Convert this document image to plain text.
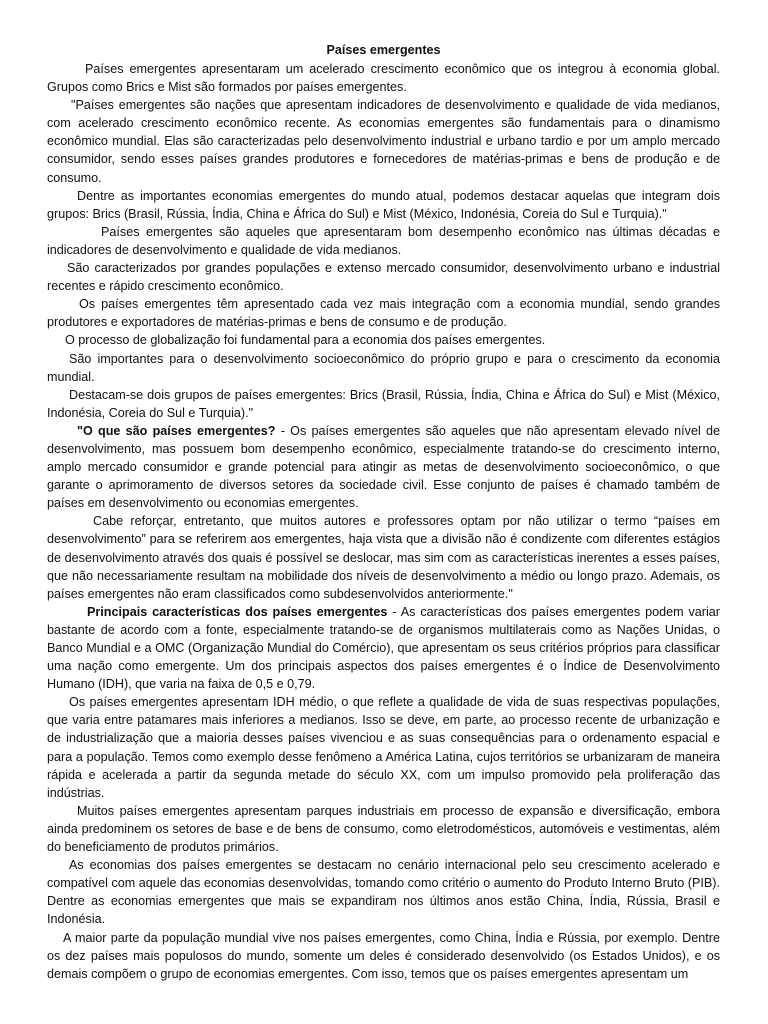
Países emergentes

Países emergentes apresentaram um acelerado crescimento econômico que os integrou à economia global. Grupos como Brics e Mist são formados por países emergentes.

"Países emergentes são nações que apresentam indicadores de desenvolvimento e qualidade de vida medianos, com acelerado crescimento econômico recente. As economias emergentes são fundamentais para o dinamismo econômico mundial. Elas são caracterizadas pelo desenvolvimento industrial e urbano tardio e por um amplo mercado consumidor, sendo esses países grandes produtores e fornecedores de matérias-primas e bens de produção e de consumo.

Dentre as importantes economias emergentes do mundo atual, podemos destacar aquelas que integram dois grupos: Brics (Brasil, Rússia, Índia, China e África do Sul) e Mist (México, Indonésia, Coreia do Sul e Turquia)."

Países emergentes são aqueles que apresentaram bom desempenho econômico nas últimas décadas e indicadores de desenvolvimento e qualidade de vida medianos.

São caracterizados por grandes populações e extenso mercado consumidor, desenvolvimento urbano e industrial recentes e rápido crescimento econômico.

Os países emergentes têm apresentado cada vez mais integração com a economia mundial, sendo grandes produtores e exportadores de matérias-primas e bens de consumo e de produção.

O processo de globalização foi fundamental para a economia dos países emergentes.

São importantes para o desenvolvimento socioeconômico do próprio grupo e para o crescimento da economia mundial.

Destacam-se dois grupos de países emergentes: Brics (Brasil, Rússia, Índia, China e África do Sul) e Mist (México, Indonésia, Coreia do Sul e Turquia)."

"O que são países emergentes? - Os países emergentes são aqueles que não apresentam elevado nível de desenvolvimento, mas possuem bom desempenho econômico, especialmente tratando-se do crescimento interno, amplo mercado consumidor e grande potencial para atingir as metas de desenvolvimento socioeconômico, o que garante o aprimoramento de diversos setores da sociedade civil. Esse conjunto de países é chamado também de países em desenvolvimento ou economias emergentes.

Cabe reforçar, entretanto, que muitos autores e professores optam por não utilizar o termo “países em desenvolvimento” para se referirem aos emergentes, haja vista que a divisão não é condizente com diferentes estágios de desenvolvimento através dos quais é possível se deslocar, mas sim com as características inerentes a esses países, que não necessariamente resultam na mobilidade dos níveis de desenvolvimento a médio ou longo prazo. Ademais, os países emergentes não eram classificados como subdesenvolvidos anteriormente."

Principais características dos países emergentes - As características dos países emergentes podem variar bastante de acordo com a fonte, especialmente tratando-se de organismos multilaterais como as Nações Unidas, o Banco Mundial e a OMC (Organização Mundial do Comércio), que apresentam os seus critérios próprios para classificar uma nação como emergente. Um dos principais aspectos dos países emergentes é o Índice de Desenvolvimento Humano (IDH), que varia na faixa de 0,5 e 0,79.

Os países emergentes apresentam IDH médio, o que reflete a qualidade de vida de suas respectivas populações, que varia entre patamares mais inferiores a medianos. Isso se deve, em parte, ao processo recente de urbanização e de industrialização que a maioria desses países vivenciou e as suas consequências para o ordenamento espacial e para a população. Temos como exemplo desse fenômeno a América Latina, cujos territórios se urbanizaram de maneira rápida e acelerada a partir da segunda metade do século XX, com um impulso promovido pela proliferação das indústrias.

Muitos países emergentes apresentam parques industriais em processo de expansão e diversificação, embora ainda predominem os setores de base e de bens de consumo, como eletrodomésticos, automóveis e vestimentas, além do beneficiamento de produtos primários.

As economias dos países emergentes se destacam no cenário internacional pelo seu crescimento acelerado e compatível com aquele das economias desenvolvidas, tomando como critério o aumento do Produto Interno Bruto (PIB). Dentre as economias emergentes que mais se expandiram nos últimos anos estão China, Índia, Rússia, Brasil e Indonésia.

A maior parte da população mundial vive nos países emergentes, como China, Índia e Rússia, por exemplo. Dentre os dez países mais populosos do mundo, somente um deles é considerado desenvolvido (os Estados Unidos), e os demais compõem o grupo de economias emergentes. Com isso, temos que os países emergentes apresentam um
